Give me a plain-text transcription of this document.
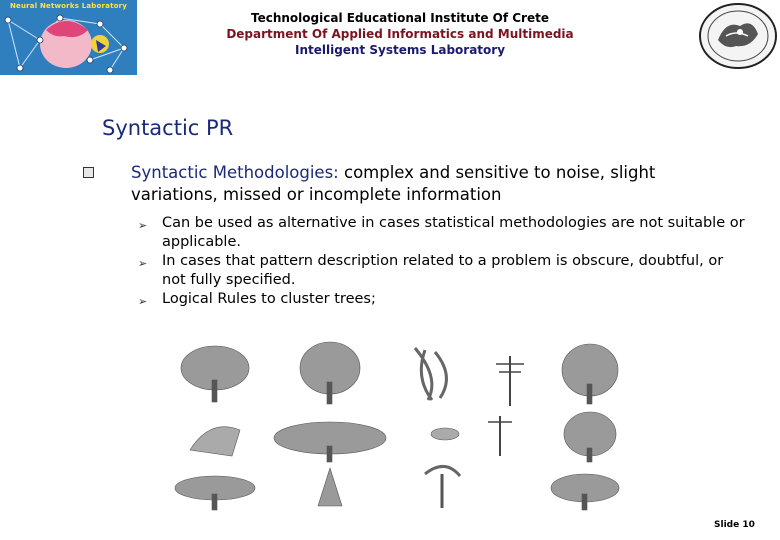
Neural Networks Laboratory
Technological Educational Institute Of Crete
Department Of Applied Informatics and Multimedia
Intelligent Systems Laboratory
Syntactic PR
Syntactic Methodologies: complex and sensitive to noise, slight variations, missed or incomplete information
➢ Can be used as alternative in cases statistical methodologies are not suitable or applicable.
➢ In cases that pattern description related to a problem is obscure, doubtful, or not fully specified.
➢ Logical Rules to cluster trees;
Slide 10
